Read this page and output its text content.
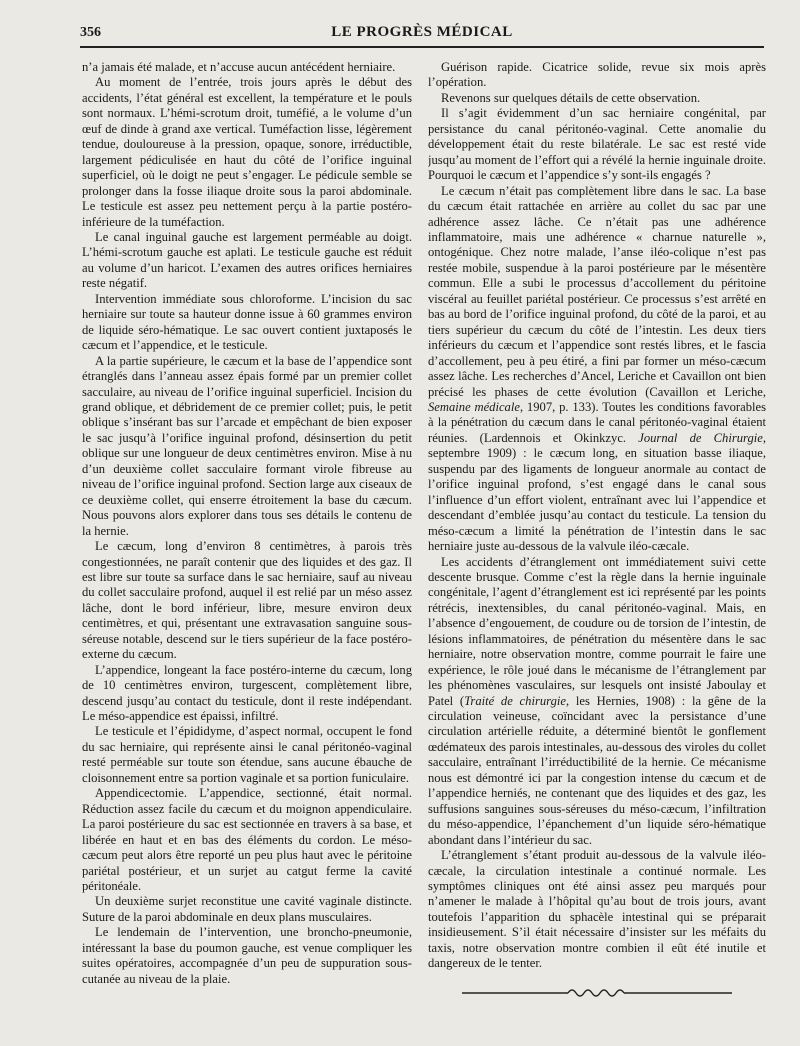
356	LE PROGRÈS MÉDICAL

n’a jamais été malade, et n’accuse aucun antécédent herniaire.

Au moment de l’entrée, trois jours après le début des accidents, l’état général est excellent, la température et le pouls sont normaux. L’hémi-scrotum droit, tuméfié, a le volume d’un œuf de dinde à grand axe vertical. Tuméfaction lisse, légèrement tendue, douloureuse à la pression, opaque, sonore, irréductible, largement pédiculisée en haut du côté de l’orifice inguinal superficiel, où le doigt ne peut s’engager. Le pédicule semble se prolonger dans la fosse iliaque droite sous la paroi abdominale. Le testicule est assez peu nettement perçu à la partie postéro-inférieure de la tuméfaction.

Le canal inguinal gauche est largement perméable au doigt. L’hémi-scrotum gauche est aplati. Le testicule gauche est réduit au volume d’un haricot. L’examen des autres orifices herniaires reste négatif.

Intervention immédiate sous chloroforme. L’incision du sac herniaire sur toute sa hauteur donne issue à 60 grammes environ de liquide séro-hématique. Le sac ouvert contient juxtaposés le cæcum et l’appendice, et le testicule.

A la partie supérieure, le cæcum et la base de l’appendice sont étranglés dans l’anneau assez épais formé par un premier collet sacculaire, au niveau de l’orifice inguinal superficiel. Incision du grand oblique, et débridement de ce premier collet; puis, le petit oblique s’insérant bas sur l’arcade et empêchant de bien exposer le sac jusqu’à l’orifice inguinal profond, désinsertion du petit oblique sur une longueur de deux centimètres environ. Mise à nu d’un deuxième collet sacculaire formant virole fibreuse au niveau de l’orifice inguinal profond. Section large aux ciseaux de ce deuxième collet, qui enserre étroitement la base du cæcum. Nous pouvons alors explorer dans tous ses détails le contenu de la hernie.

Le cæcum, long d’environ 8 centimètres, à parois très congestionnées, ne paraît contenir que des liquides et des gaz. Il est libre sur toute sa surface dans le sac herniaire, sauf au niveau du collet sacculaire profond, auquel il est relié par un méso assez lâche, dont le bord inférieur, libre, mesure environ deux centimètres, et qui, présentant une extravasation sanguine sous-séreuse notable, descend sur le tiers supérieur de la face postéro-externe du cæcum.

L’appendice, longeant la face postéro-interne du cæcum, long de 10 centimètres environ, turgescent, complètement libre, descend jusqu’au contact du testicule, dont il reste indépendant. Le méso-appendice est épaissi, infiltré.

Le testicule et l’épididyme, d’aspect normal, occupent le fond du sac herniaire, qui représente ainsi le canal péritonéo-vaginal resté perméable sur toute son étendue, sans aucune ébauche de cloisonnement entre sa portion vaginale et sa portion funiculaire.

Appendicectomie. L’appendice, sectionné, était normal. Réduction assez facile du cæcum et du moignon appendiculaire. La paroi postérieure du sac est sectionnée en travers à sa base, et libérée en haut et en bas des éléments du cordon. Le méso-cæcum peut alors être reporté un peu plus haut avec le péritoine pariétal postérieur, et un surjet au catgut ferme la cavité péritonéale.

Un deuxième surjet reconstitue une cavité vaginale distincte. Suture de la paroi abdominale en deux plans musculaires.

Le lendemain de l’intervention, une broncho-pneumonie, intéressant la base du poumon gauche, est venue compliquer les suites opératoires, accompagnée d’un peu de suppuration sous-cutanée au niveau de la plaie.

Guérison rapide. Cicatrice solide, revue six mois après l’opération.

Revenons sur quelques détails de cette observation.

Il s’agit évidemment d’un sac herniaire congénital, par persistance du canal péritonéo-vaginal. Cette anomalie du développement était du reste bilatérale. Le sac est resté vide jusqu’au moment de l’effort qui a révélé la hernie inguinale droite. Pourquoi le cæcum et l’appendice s’y sont-ils engagés ?

Le cæcum n’était pas complètement libre dans le sac. La base du cæcum était rattachée en arrière au collet du sac par une adhérence assez lâche. Ce n’était pas une adhérence inflammatoire, mais une adhérence « charnue naturelle », ontogénique. Chez notre malade, l’anse iléo-colique n’est pas restée mobile, suspendue à la paroi postérieure par le mésentère commun. Elle a subi le processus d’accollement du péritoine viscéral au feuillet pariétal postérieur. Ce processus s’est arrêté en bas au bord de l’orifice inguinal profond, du côté de la paroi, et au tiers supérieur du cæcum du côté de l’intestin. Les deux tiers inférieurs du cæcum et l’appendice sont restés libres, et le fascia d’accollement, peu à peu étiré, a fini par former un méso-cæcum assez lâche. Les recherches d’Ancel, Leriche et Cavaillon ont bien précisé les phases de cette évolution (Cavaillon et Leriche, Semaine médicale, 1907, p. 133). Toutes les conditions favorables à la pénétration du cæcum dans le canal péritonéo-vaginal étaient réunies. (Lardennois et Okinkzyc. Journal de Chirurgie, septembre 1909) : le cæcum long, en situation basse iliaque, suspendu par des ligaments de longueur anormale au contact de l’orifice inguinal profond, s’est engagé dans le canal sous l’influence d’un effort violent, entraînant avec lui l’appendice et descendant d’emblée jusqu’au contact du testicule. La tension du méso-cæcum a limité la pénétration de l’intestin dans le sac herniaire juste au-dessous de la valvule iléo-cæcale.

Les accidents d’étranglement ont immédiatement suivi cette descente brusque. Comme c’est la règle dans la hernie inguinale congénitale, l’agent d’étranglement est ici représenté par les points rétrécis, inextensibles, du canal péritonéo-vaginal. Mais, en l’absence d’engouement, de coudure ou de torsion de l’intestin, de lésions inflammatoires, de pénétration du mésentère dans le sac herniaire, notre observation montre, comme pourrait le faire une expérience, le rôle joué dans le mécanisme de l’étranglement par les phénomènes vasculaires, sur lesquels ont insisté Jaboulay et Patel (Traité de chirurgie, les Hernies, 1908) : la gêne de la circulation veineuse, coïncidant avec la persistance d’une circulation artérielle réduite, a déterminé bientôt le gonflement œdémateux des parois intestinales, au-dessous des viroles du collet sacculaire, entraînant l’irréductibilité de la hernie. Ce mécanisme nous est démontré ici par la congestion intense du cæcum et de l’appendice herniés, ne contenant que des liquides et des gaz, les suffusions sanguines sous-séreuses du méso-cæcum, l’infiltration du méso-appendice, l’épanchement d’un liquide séro-hématique abondant dans l’intérieur du sac.

L’étranglement s’étant produit au-dessous de la valvule iléo-cæcale, la circulation intestinale a continué normale. Les symptômes cliniques ont été ainsi assez peu marqués pour n’amener le malade à l’hôpital qu’au bout de trois jours, avant toutefois l’apparition du sphacèle intestinal qui se préparait insidieusement. S’il était nécessaire d’insister sur les méfaits du taxis, notre observation montre combien il eût été inutile et dangereux de le tenter.
